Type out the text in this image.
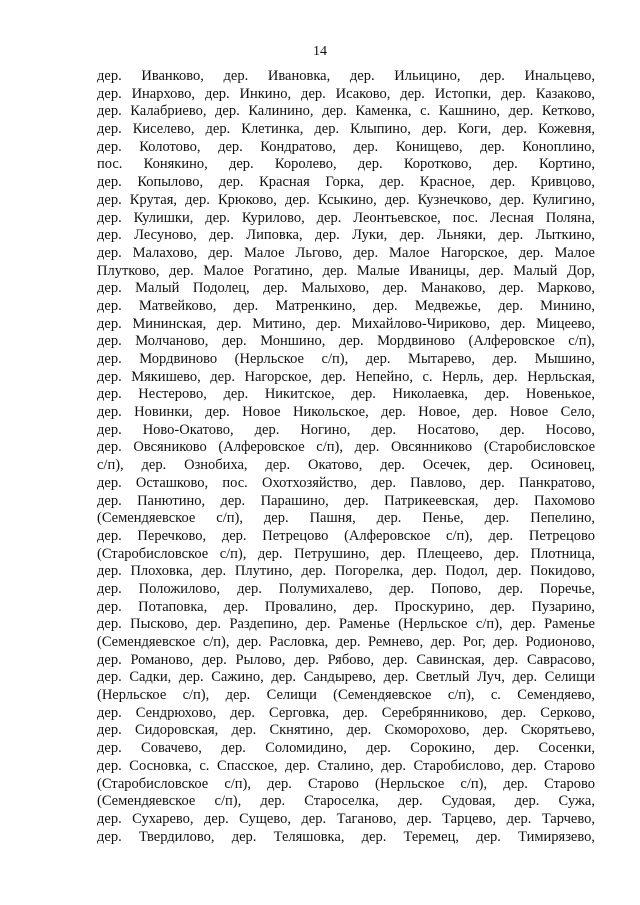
14
дер. Иванково, дер. Ивановка, дер. Ильицино, дер. Инальцево,
дер. Инархово, дер. Инкино, дер. Исаково, дер. Истопки, дер. Казаково,
дер. Калабриево, дер. Калинино, дер. Каменка, с. Кашнино, дер. Кетково,
дер. Киселево, дер. Клетинка, дер. Клыпино, дер. Коги, дер. Кожевня,
дер. Колотово, дер. Кондратово, дер. Конищево, дер. Коноплино,
пос. Конякино, дер. Королево, дер. Коротково, дер. Кортино,
дер. Копылово, дер. Красная Горка, дер. Красное, дер. Кривцово,
дер. Крутая, дер. Крюково, дер. Ксыкино, дер. Кузнечково, дер. Кулигино,
дер. Кулишки, дер. Курилово, дер. Леонтьевское, пос. Лесная Поляна,
дер. Лесуново, дер. Липовка, дер. Луки, дер. Льняки, дер. Лыткино,
дер. Малахово, дер. Малое Льгово, дер. Малое Нагорское, дер. Малое
Плутково, дер. Малое Рогатино, дер. Малые Иваницы, дер. Малый Дор,
дер. Малый Подолец, дер. Малыхово, дер. Манаково, дер. Марково,
дер. Матвейково, дер. Матренкино, дер. Медвежье, дер. Минино,
дер. Мининская, дер. Митино, дер. Михайлово-Чириково, дер. Мицеево,
дер. Молчаново, дер. Моншино, дер. Мордвиново (Алферовское с/п),
дер. Мордвиново (Нерльское с/п), дер. Мытарево, дер. Мышино,
дер. Мякишево, дер. Нагорское, дер. Непейно, с. Нерль, дер. Нерльская,
дер. Нестерово, дер. Никитское, дер. Николаевка, дер. Новенькое,
дер. Новинки, дер. Новое Никольское, дер. Новое, дер. Новое Село,
дер. Ново-Окатово, дер. Ногино, дер. Носатово, дер. Носово,
дер. Овсяниково (Алферовское с/п), дер. Овсянниково (Старобисловское
с/п), дер. Ознобиха, дер. Окатово, дер. Осечек, дер. Осиновец,
дер. Осташково, пос. Охотхозяйство, дер. Павлово, дер. Панкратово,
дер. Панютино, дер. Парашино, дер. Патрикеевская, дер. Пахомово
(Семендяевское с/п), дер. Пашня, дер. Пенье, дер. Пепелино,
дер. Перечково, дер. Петрецово (Алферовское с/п), дер. Петрецово
(Старобисловское с/п), дер. Петрушино, дер. Плещеево, дер. Плотница,
дер. Плоховка, дер. Плутино, дер. Погорелка, дер. Подол, дер. Покидово,
дер. Положилово, дер. Полумихалево, дер. Попово, дер. Поречье,
дер. Потаповка, дер. Провалино, дер. Проскурино, дер. Пузарино,
дер. Пысково, дер. Раздепино, дер. Раменье (Нерльское с/п), дер. Раменье
(Семендяевское с/п), дер. Расловка, дер. Ремнево, дер. Рог, дер. Родионово,
дер. Романово, дер. Рылово, дер. Рябово, дер. Савинская, дер. Саврасово,
дер. Садки, дер. Сажино, дер. Сандырево, дер. Светлый Луч, дер. Селищи
(Нерльское с/п), дер. Селищи (Семендяевское с/п), с. Семендяево,
дер. Сендрюхово, дер. Серговка, дер. Серебрянниково, дер. Серково,
дер. Сидоровская, дер. Скнятино, дер. Скоморохово, дер. Скорятьево,
дер. Совачево, дер. Соломидино, дер. Сорокино, дер. Сосенки,
дер. Сосновка, с. Спасское, дер. Сталино, дер. Старобислово, дер. Старово
(Старобисловское с/п), дер. Старово (Нерльское с/п), дер. Старово
(Семендяевское с/п), дер. Староселка, дер. Судовая, дер. Сужа,
дер. Сухарево, дер. Сущево, дер. Таганово, дер. Тарцево, дер. Тарчево,
дер. Твердилово, дер. Теляшовка, дер. Теремец, дер. Тимирязево,
